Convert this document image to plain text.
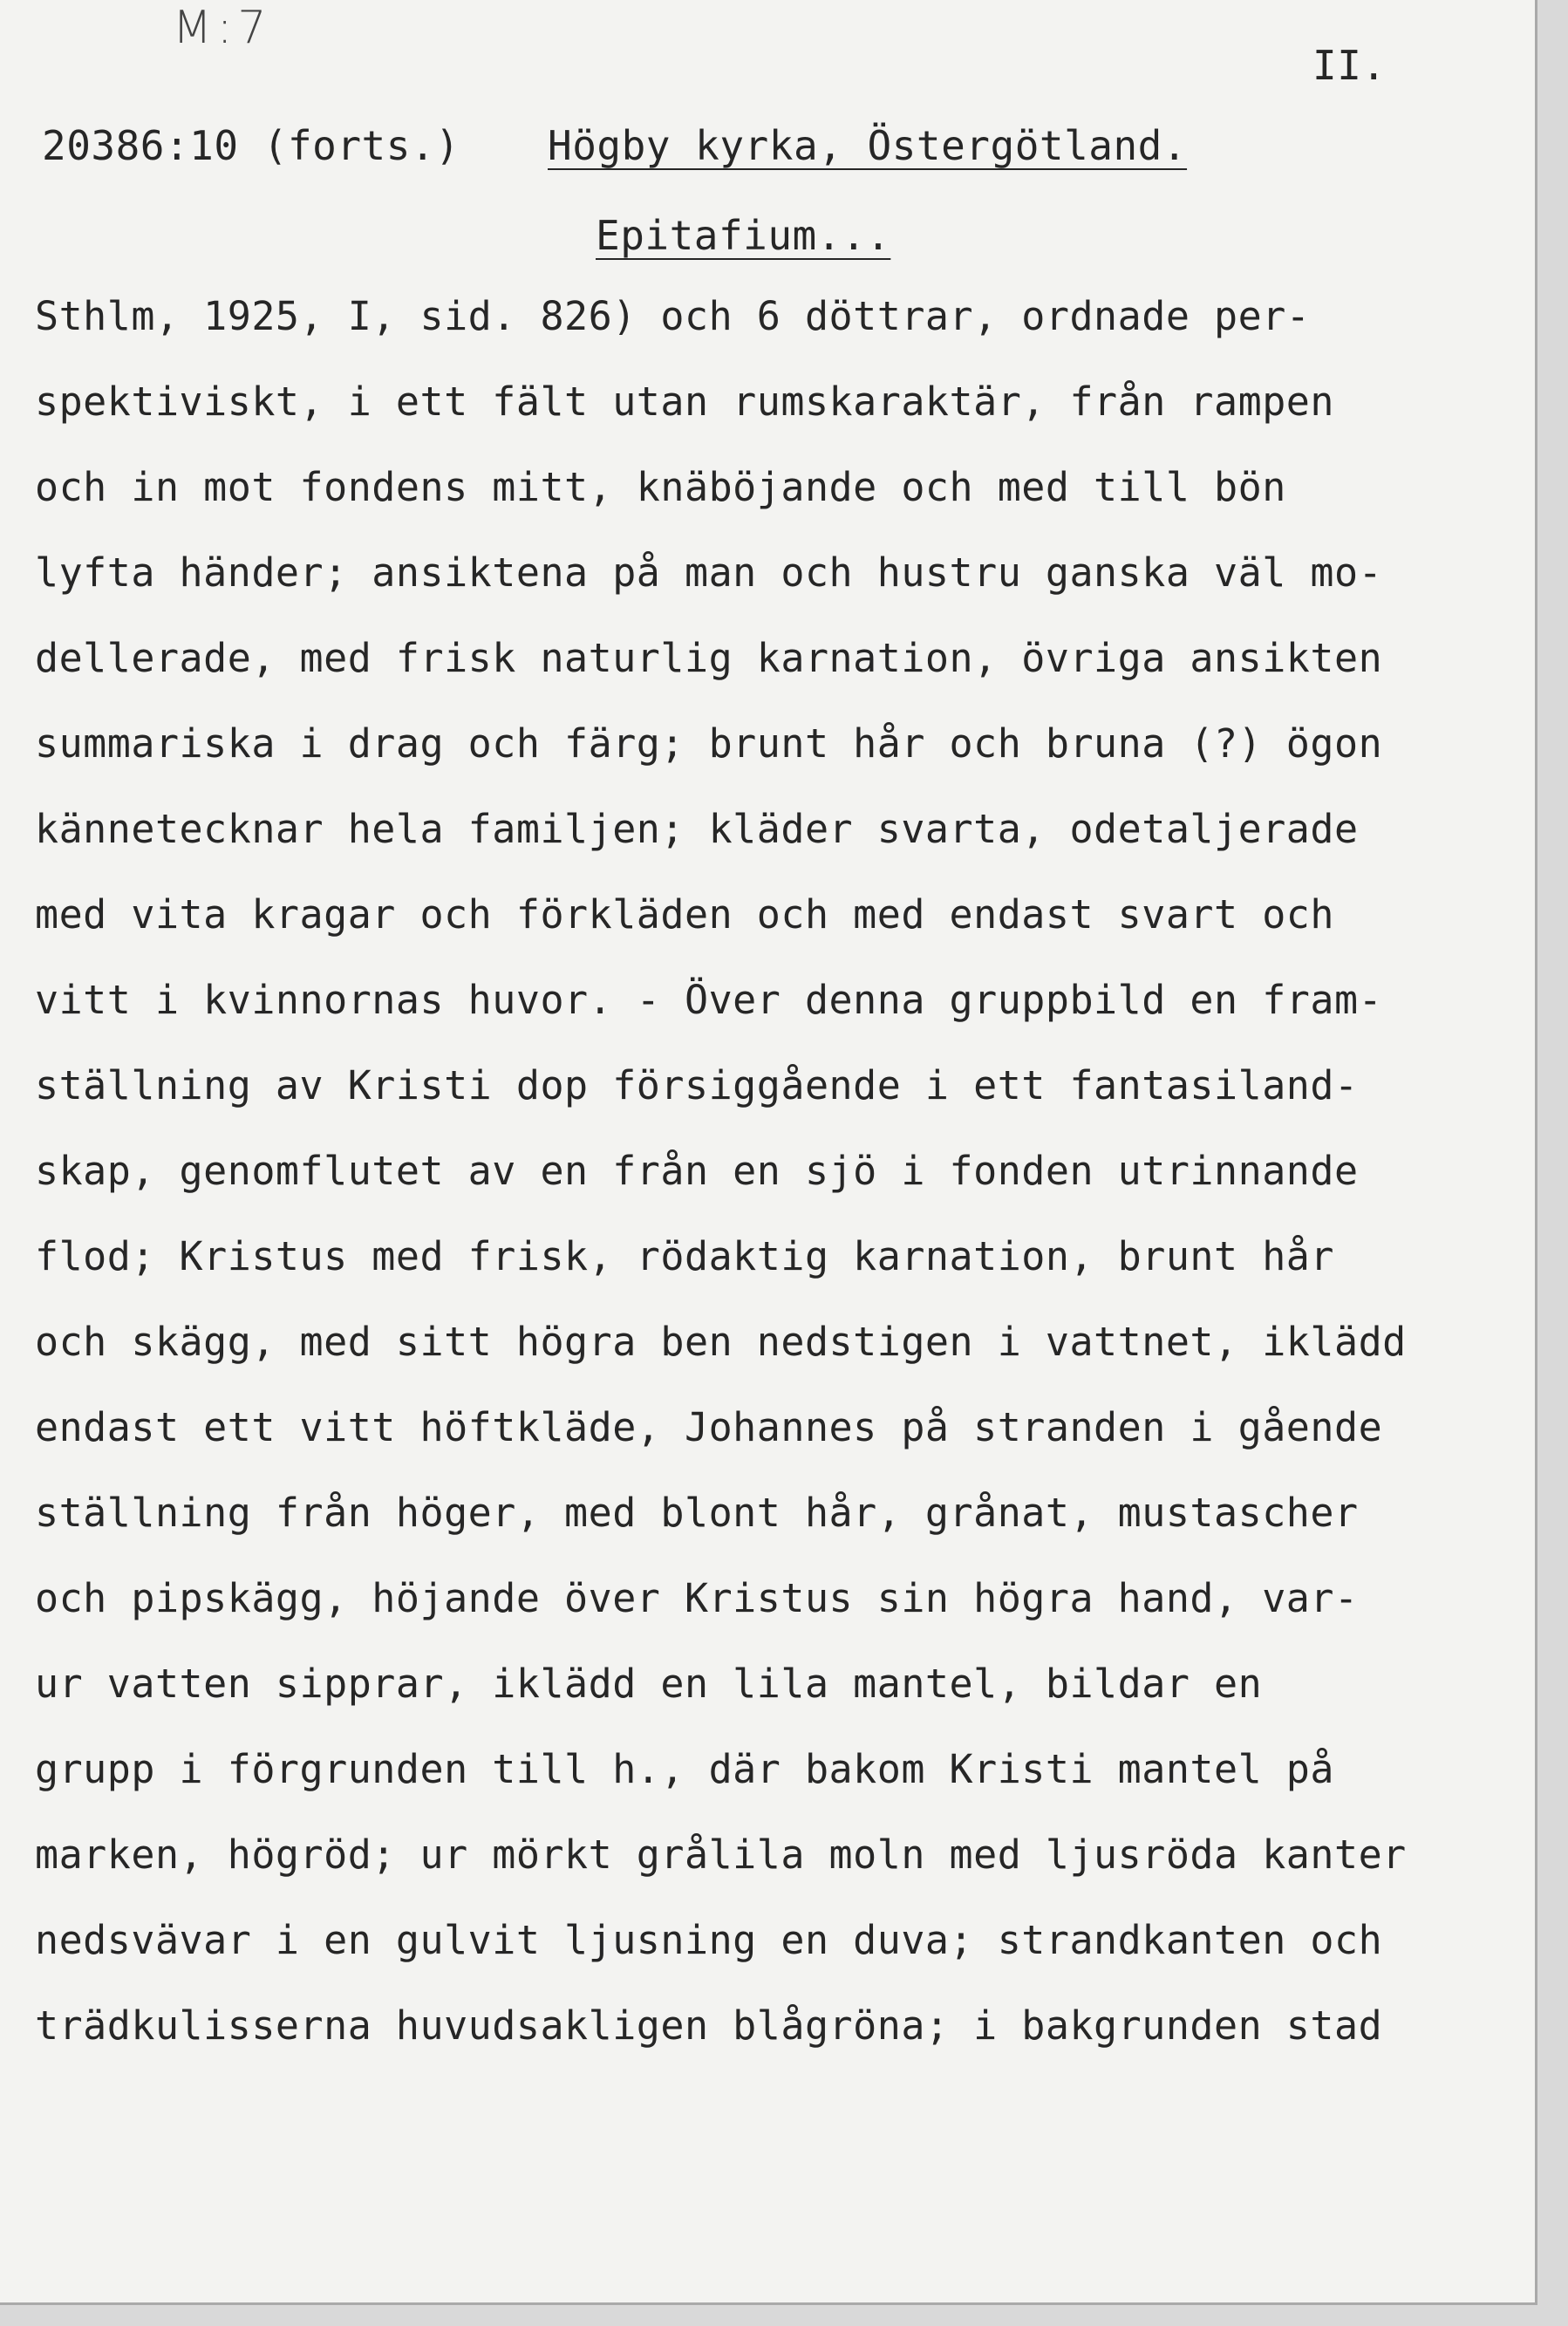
M:7
II.
20386:10 (forts.) Högby kyrka, Östergötland.
Epitafium...
Sthlm, 1925, I, sid. 826) och 6 döttrar, ordnade per-
spektiviskt, i ett fält utan rumskaraktär, från rampen
och in mot fondens mitt, knäböjande och med till bön
lyfta händer; ansiktena på man och hustru ganska väl mo-
dellerade, med frisk naturlig karnation, övriga ansikten
summariska i drag och färg; brunt hår och bruna (?) ögon
kännetecknar hela familjen; kläder svarta, odetaljerade
med vita kragar och förkläden och med endast svart och
vitt i kvinnornas huvor. - Över denna gruppbild en fram-
ställning av Kristi dop försiggående i ett fantasiland-
skap, genomflutet av en från en sjö i fonden utrinnande
flod; Kristus med frisk, rödaktig karnation, brunt hår
och skägg, med sitt högra ben nedstigen i vattnet, iklädd
endast ett vitt höftkläde, Johannes på stranden i gående
ställning från höger, med blont hår, grånat, mustascher
och pipskägg, höjande över Kristus sin högra hand, var-
ur vatten sipprar, iklädd en lila mantel, bildar en
grupp i förgrunden till h., där bakom Kristi mantel på
marken, högröd; ur mörkt grålila moln med ljusröda kanter
nedsvävar i en gulvit ljusning en duva; strandkanten och
trädkulisserna huvudsakligen blågröna; i bakgrunden stad
